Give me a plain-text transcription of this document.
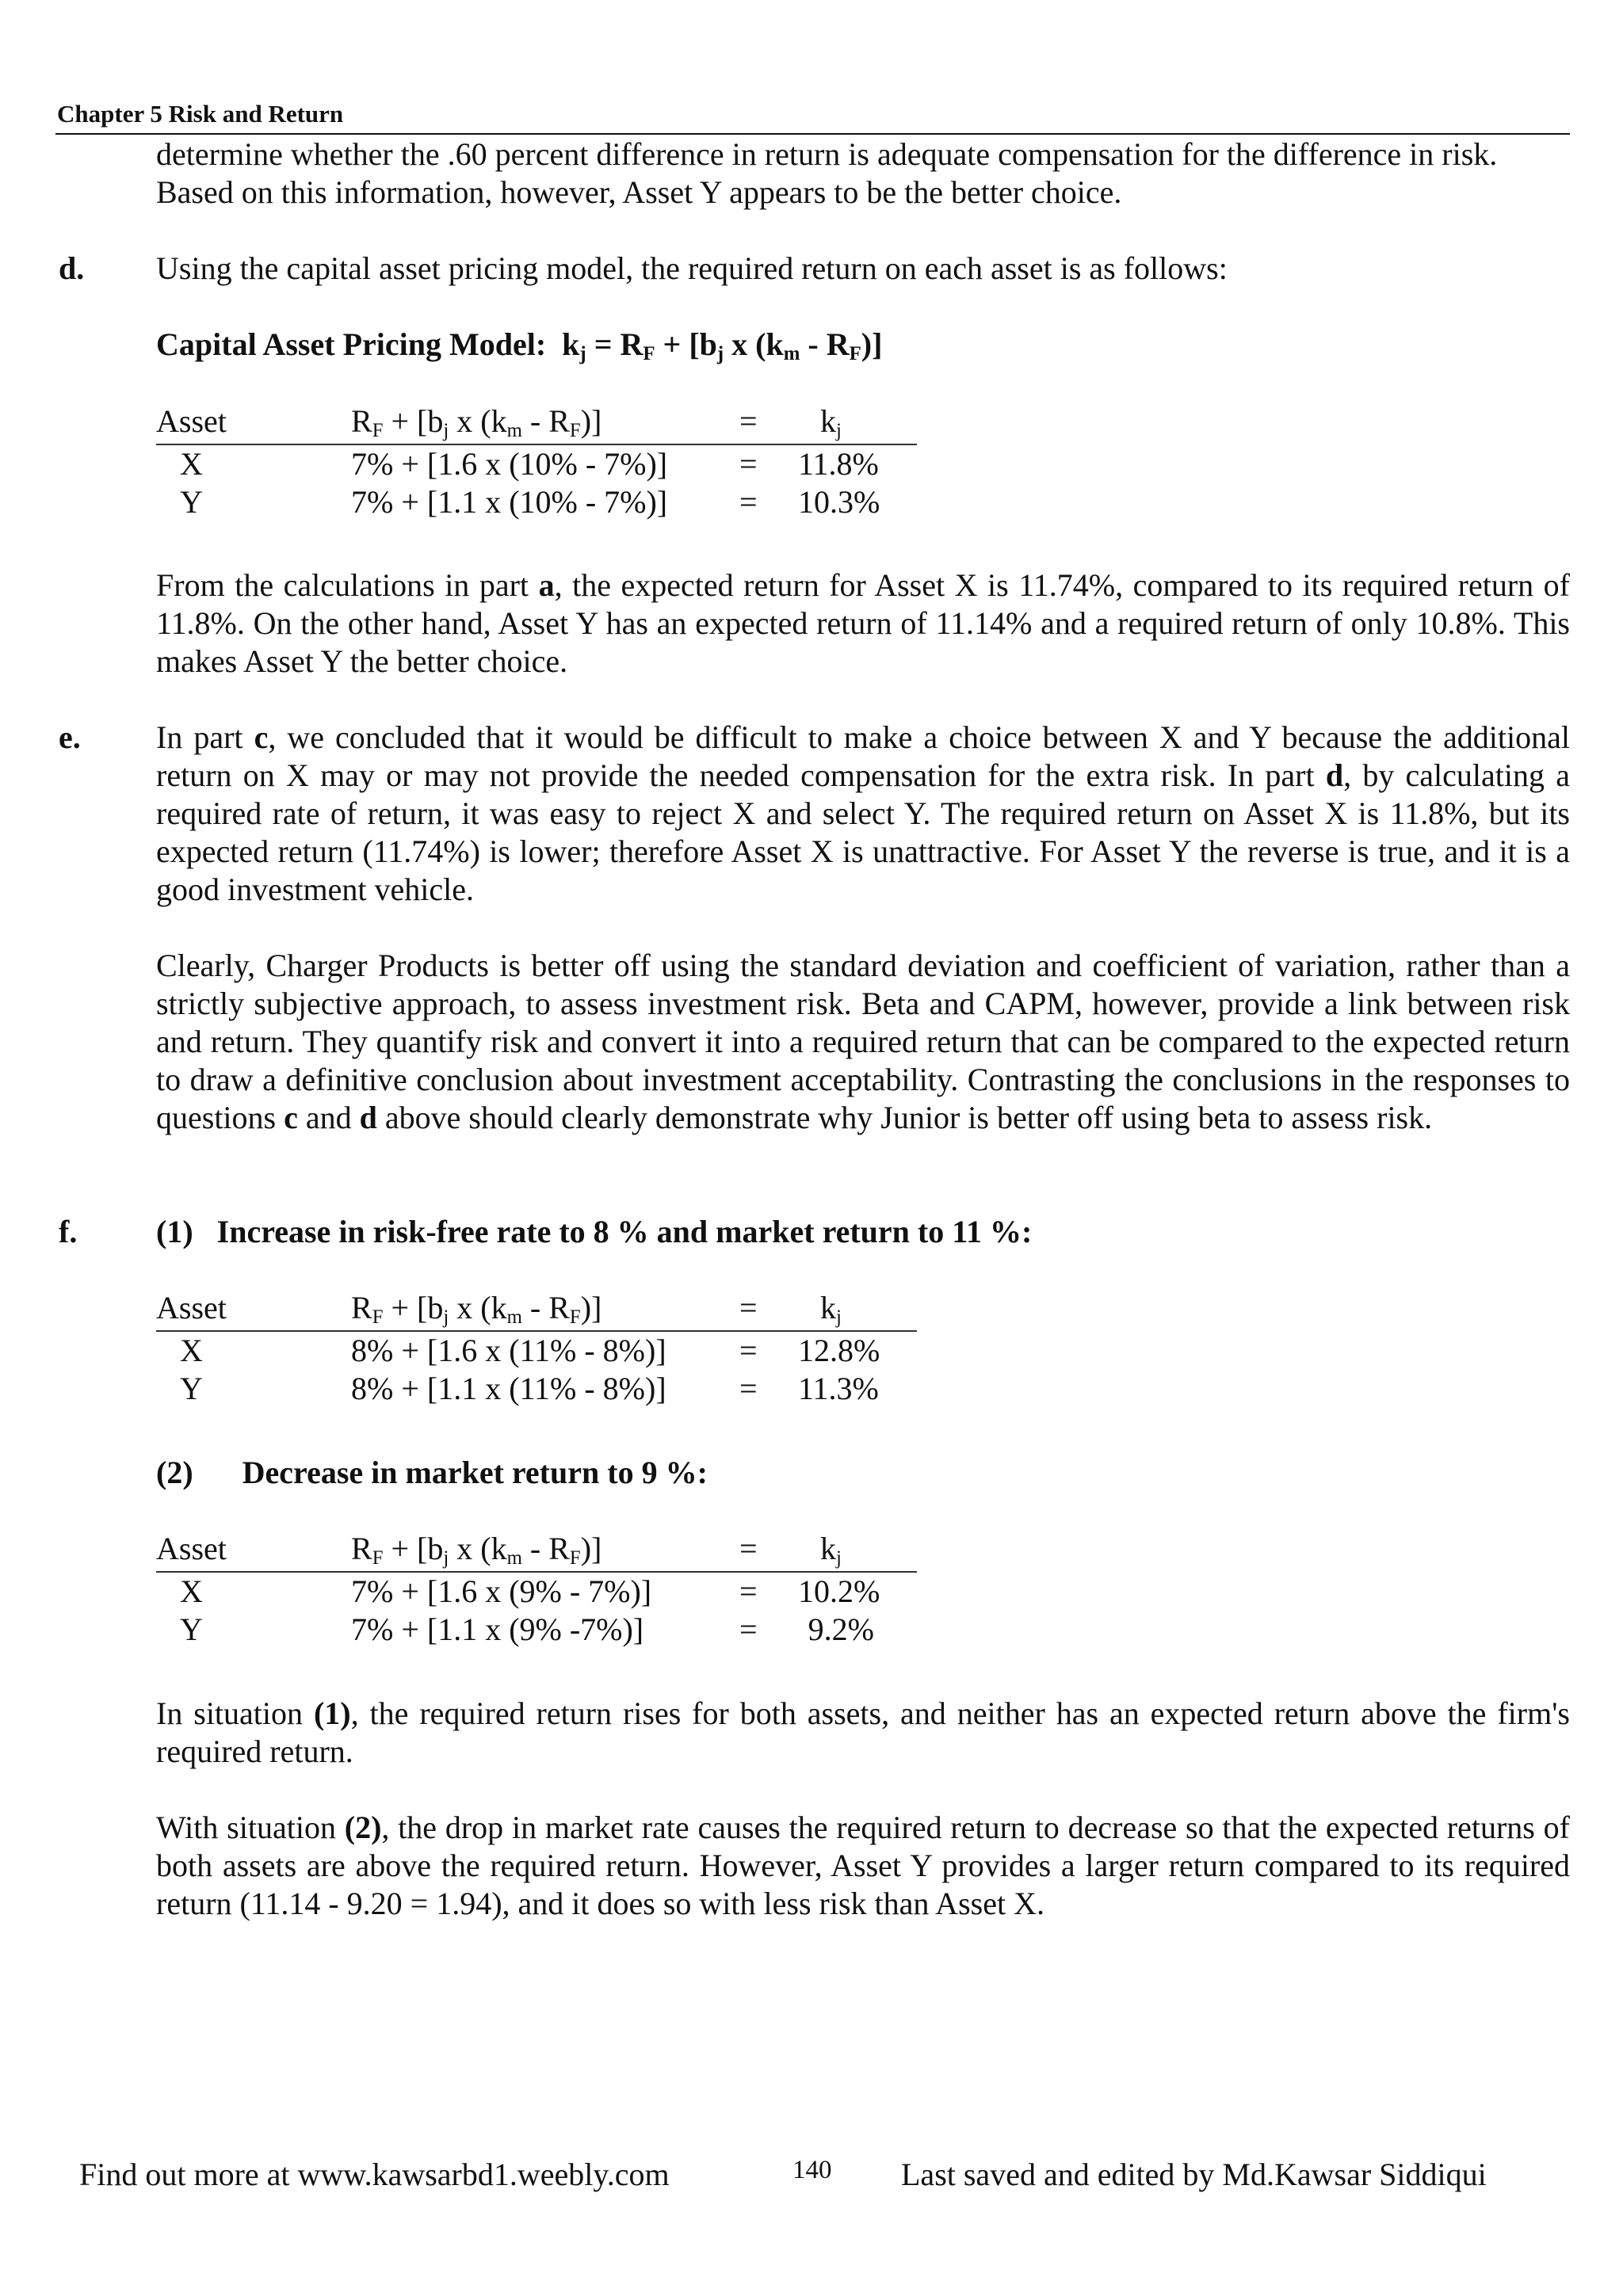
Chapter 5 Risk and Return

determine whether the .60 percent difference in return is adequate compensation for the difference in risk.

Based on this information, however, Asset Y appears to be the better choice.

d. Using the capital asset pricing model, the required return on each asset is as follows:

Capital Asset Pricing Model: $k_j = R_F + [b_j$ x $(k_m - R_F)$]
Asset	$R_F + [b_j$ x $(k_m - R_F)$]	= $k_j$
X	7% + [1.6 x (10% - 7%)] = 11.8%
Y	7% + [1.1 x (10% - 7%)] = 10.3%

From the calculations in part a, the expected return for Asset X is 11.74%, compared to its required return of 11.8%. On the other hand, Asset Y has an expected return of 11.14% and a required return of only 10.8%. This makes Asset Y the better choice.

e. In part c, we concluded that it would be difficult to make a choice between X and Y because the additional return on X may or may not provide the needed compensation for the extra risk. In part d, by calculating a required rate of return, it was easy to reject X and select Y. The required return on Asset X is 11.8%, but its expected return (11.74%) is lower; therefore Asset X is unattractive. For Asset Y the reverse is true, and it is a good investment vehicle.

Clearly, Charger Products is better off using the standard deviation and coefficient of variation, rather than a strictly subjective approach, to assess investment risk. Beta and CAPM, however, provide a link between risk and return. They quantify risk and convert it into a required return that can be compared to the expected return to draw a definitive conclusion about investment acceptability. Contrasting the conclusions in the responses to questions c and d above should clearly demonstrate why Junior is better off using beta to assess risk.

f. (1) Increase in risk-free rate to 8 % and market return to 11 %:
Asset	$R_F + [b_j$ x $(k_m - R_F)$]	= $k_j$
X	8% + [1.6 x (11% - 8%)] = 12.8%
Y	8% + [1.1 x (11% - 8%)] = 11.3%
(2) Decrease in market return to 9 %:
Asset	$R_F + [b_j$ x $(k_m - R_F)$]	= $k_j$
X	7% + [1.6 x (9% - 7%)]	= 10.2%
Y	7% + [1.1 x (9% -7%)]	=	9.2%

In situation (1), the required return rises for both assets, and neither has an expected return above the firm's required return.

With situation (2), the drop in market rate causes the required return to decrease so that the expected returns of both assets are above the required return. However, Asset Y provides a larger return compared to its required return (11.14 - 9.20 = 1.94), and it does so with less risk than Asset X.

Find out more at www.kawsarbd1.weebly.com	140 Last saved and edited by Md.Kawsar Siddiqui
